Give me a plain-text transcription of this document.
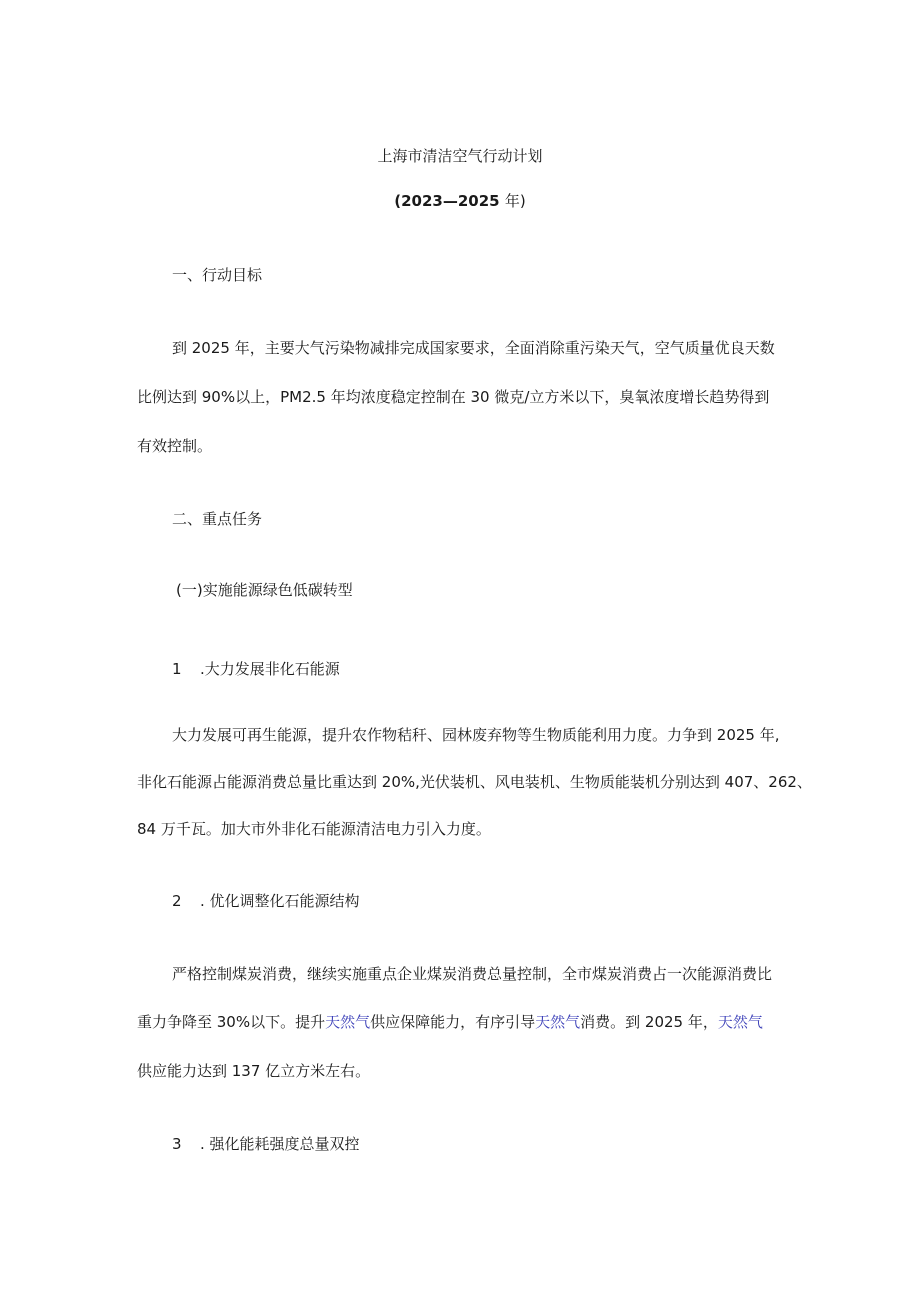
上海市清洁空气行动计划
(2023—2025 年)
一、行动目标
到 2025 年，主要大气污染物减排完成国家要求，全面消除重污染天气，空气质量优良天数
比例达到 90%以上，PM2.5 年均浓度稳定控制在 30 微克/立方米以下，臭氧浓度增长趋势得到
有效控制。
二、重点任务
(一)实施能源绿色低碳转型
1 .大力发展非化石能源
大力发展可再生能源，提升农作物秸秆、园林废弃物等生物质能利用力度。力争到 2025 年,
非化石能源占能源消费总量比重达到 20%,光伏装机、风电装机、生物质能装机分别达到 407、262、
84 万千瓦。加大市外非化石能源清洁电力引入力度。
2 . 优化调整化石能源结构
严格控制煤炭消费，继续实施重点企业煤炭消费总量控制，全市煤炭消费占一次能源消费比
重力争降至 30%以下。提升天然气供应保障能力，有序引导天然气消费。到 2025 年，天然气
供应能力达到 137 亿立方米左右。
3 . 强化能耗强度总量双控
